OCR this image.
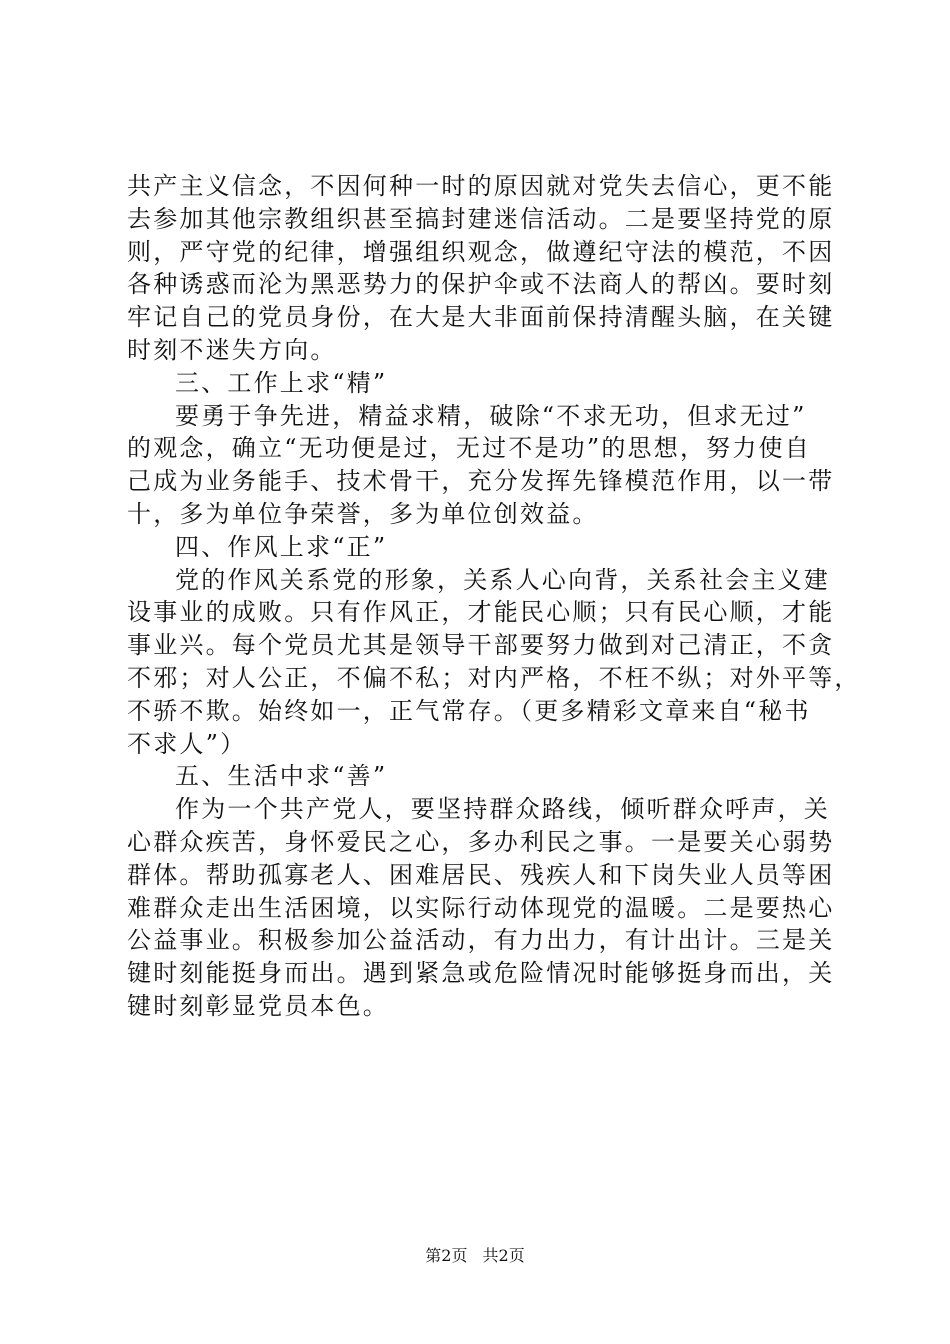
共产主义信念，不因何种一时的原因就对党失去信心，更不能
去参加其他宗教组织甚至搞封建迷信活动。二是要坚持党的原
则，严守党的纪律，增强组织观念，做遵纪守法的模范，不因
各种诱惑而沦为黑恶势力的保护伞或不法商人的帮凶。要时刻
牢记自己的党员身份，在大是大非面前保持清醒头脑，在关键
时刻不迷失方向。
三、工作上求“精”
要勇于争先进，精益求精，破除“不求无功，但求无过”
的观念，确立“无功便是过，无过不是功”的思想，努力使自
己成为业务能手、技术骨干，充分发挥先锋模范作用，以一带
十，多为单位争荣誉，多为单位创效益。
四、作风上求“正”
党的作风关系党的形象，关系人心向背，关系社会主义建
设事业的成败。只有作风正，才能民心顺；只有民心顺，才能
事业兴。每个党员尤其是领导干部要努力做到对己清正，不贪
不邪；对人公正，不偏不私；对内严格，不枉不纵；对外平等，
不骄不欺。始终如一，正气常存。（更多精彩文章来自“秘书
不求人”）
五、生活中求“善”
作为一个共产党人，要坚持群众路线，倾听群众呼声，关
心群众疾苦，身怀爱民之心，多办利民之事。一是要关心弱势
群体。帮助孤寡老人、困难居民、残疾人和下岗失业人员等困
难群众走出生活困境，以实际行动体现党的温暖。二是要热心
公益事业。积极参加公益活动，有力出力，有计出计。三是关
键时刻能挺身而出。遇到紧急或危险情况时能够挺身而出，关
键时刻彰显党员本色。
第2页 共2页
